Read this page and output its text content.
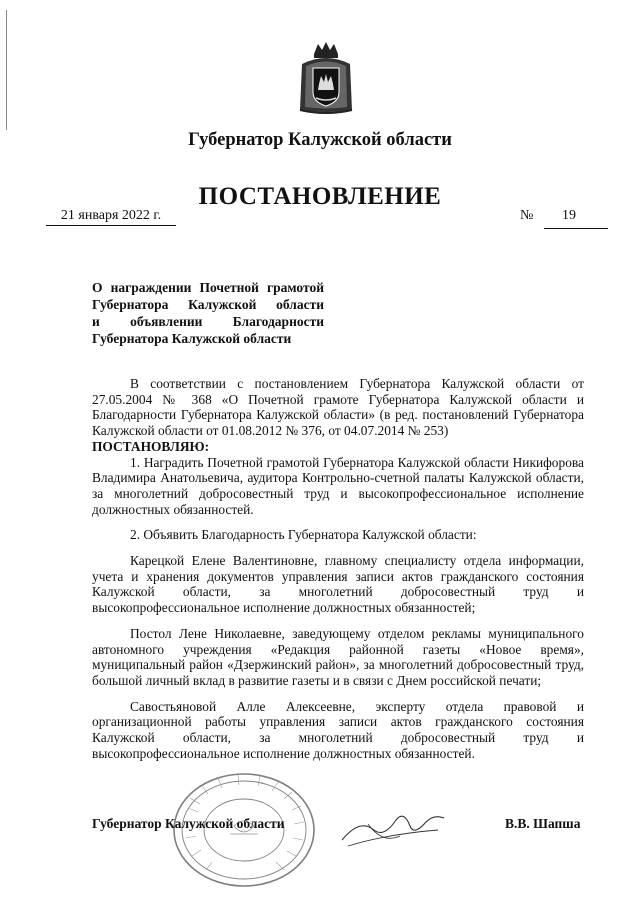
Губернатор Калужской области
ПОСТАНОВЛЕНИЕ
21 января 2022 г.	№ 19
О награждении Почетной грамотой
Губернатора Калужской области
и объявлении Благодарности
Губернатора Калужской области

В соответствии с постановлением Губернатора Калужской области от 27.05.2004 № 368 «О Почетной грамоте Губернатора Калужской области и Благодарности Губернатора Калужской области» (в ред. постановлений Губернатора Калужской области от 01.08.2012 № 376, от 04.07.2014 № 253)

ПОСТАНОВЛЯЮ:

1. Наградить Почетной грамотой Губернатора Калужской области Никифорова Владимира Анатольевича, аудитора Контрольно-счетной палаты Калужской области, за многолетний добросовестный труд и высокопрофессиональное исполнение должностных обязанностей.

2. Объявить Благодарность Губернатора Калужской области:

Карецкой Елене Валентиновне, главному специалисту отдела информации, учета и хранения документов управления записи актов гражданского состояния Калужской области, за многолетний добросовестный труд и высокопрофессиональное исполнение должностных обязанностей;

Постол Лене Николаевне, заведующему отделом рекламы муниципального автономного учреждения «Редакция районной газеты «Новое время», муниципальный район «Дзержинский район», за многолетний добросовестный труд, большой личный вклад в развитие газеты и в связи с Днем российской печати;

Савостьяновой Алле Алексеевне, эксперту отдела правовой и организационной работы управления записи актов гражданского состояния Калужской области, за многолетний добросовестный труд и высокопрофессиональное исполнение должностных обязанностей.

Губернатор Калужской области	В.В. Шапша
